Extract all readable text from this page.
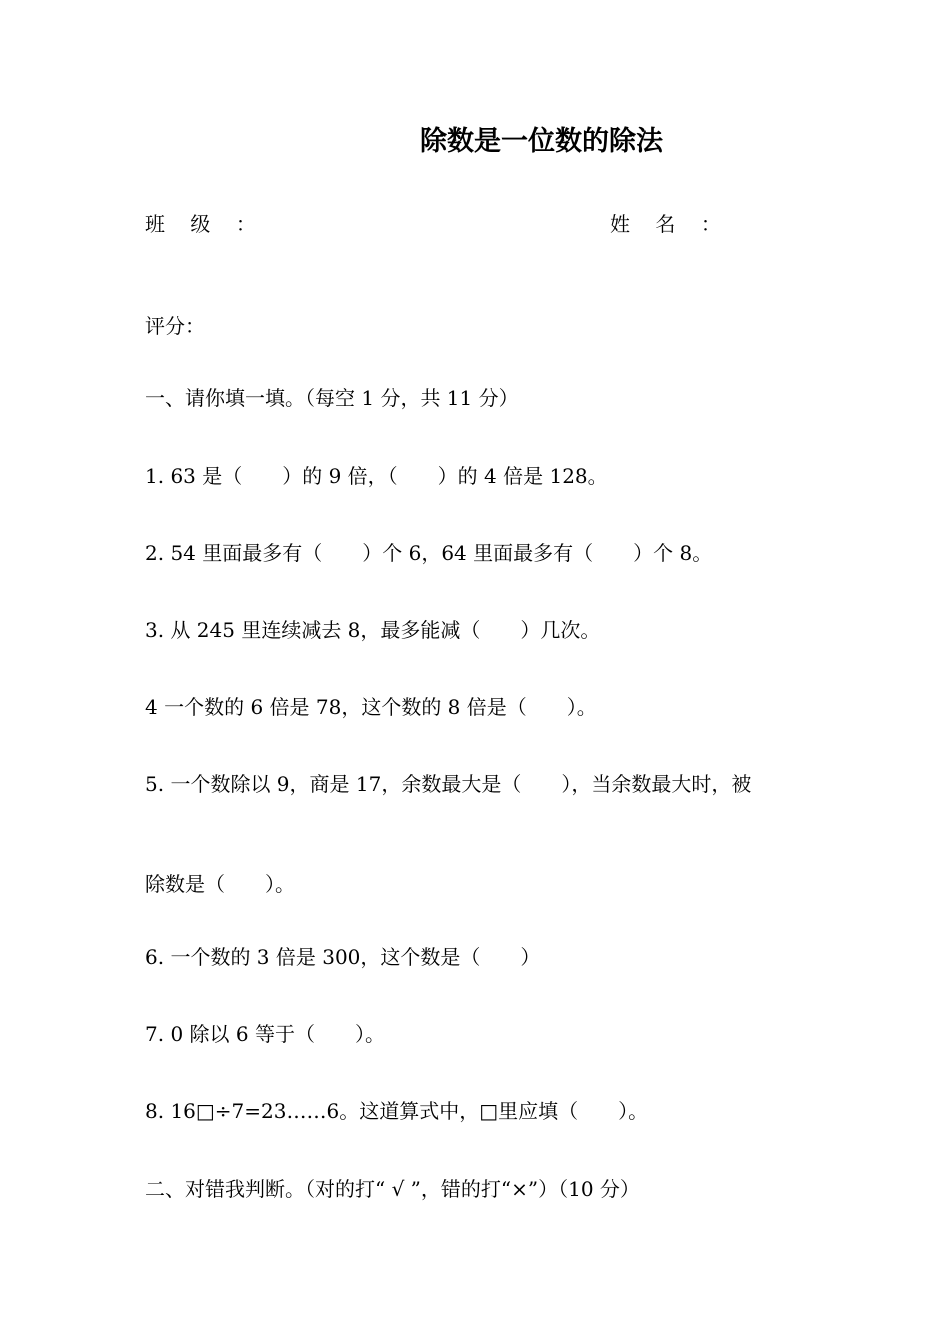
除数是一位数的除法
班    级    ：	姓    名    ：
评分：
一、请你填一填。（每空 1 分，共 11 分）
1. 63 是（　　）的 9 倍，（　　）的 4 倍是 128。
2. 54 里面最多有（　　）个 6，64 里面最多有（　　）个 8。
3. 从 245 里连续减去 8，最多能减（　　）几次。
4 一个数的 6 倍是 78，这个数的 8 倍是（　　）。
5. 一个数除以 9，商是 17，余数最大是（　　），当余数最大时，被
除数是（　　）。
6. 一个数的 3 倍是 300，这个数是（　　）
7. 0 除以 6 等于（　　）。
8. 16□÷7=23……6。这道算式中，□里应填（　　）。
二、对错我判断。（对的打“ √ ”，错的打“×”）（10 分）
